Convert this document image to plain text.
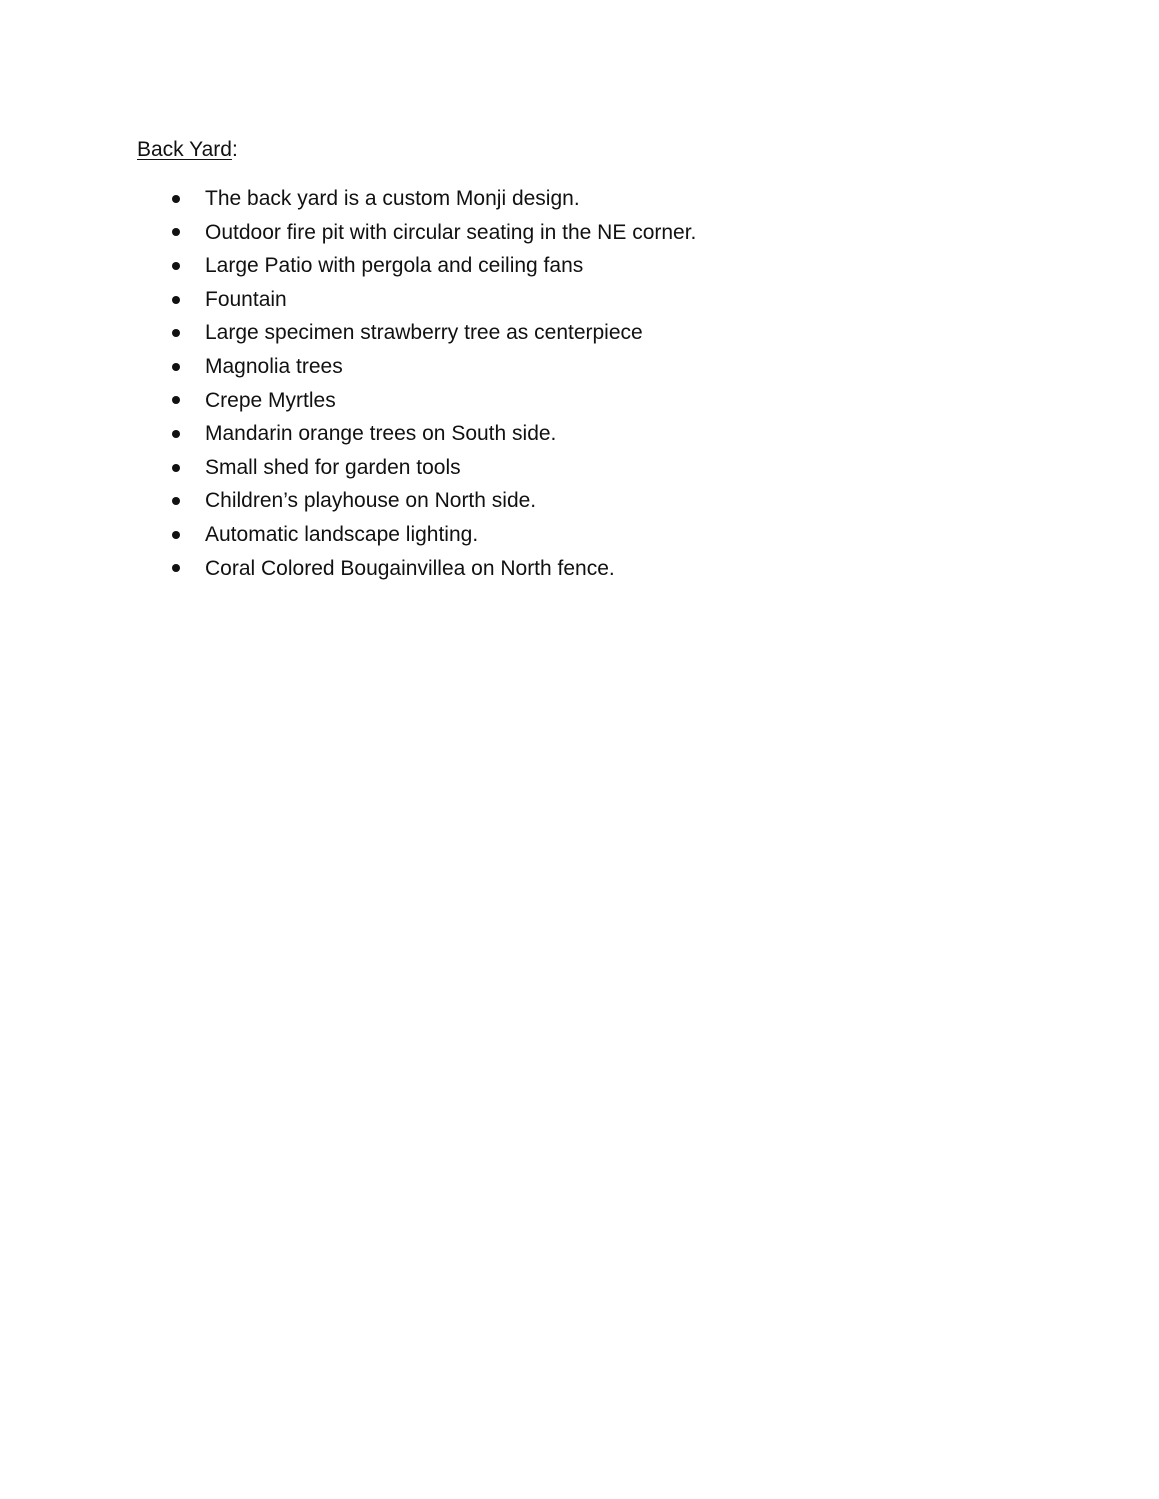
Back Yard:
The back yard is a custom Monji design.
Outdoor fire pit with circular seating in the NE corner.
Large Patio with pergola and ceiling fans
Fountain
Large specimen strawberry tree as centerpiece
Magnolia trees
Crepe Myrtles
Mandarin orange trees on South side.
Small shed for garden tools
Children’s playhouse on North side.
Automatic landscape lighting.
Coral Colored Bougainvillea on North fence.
